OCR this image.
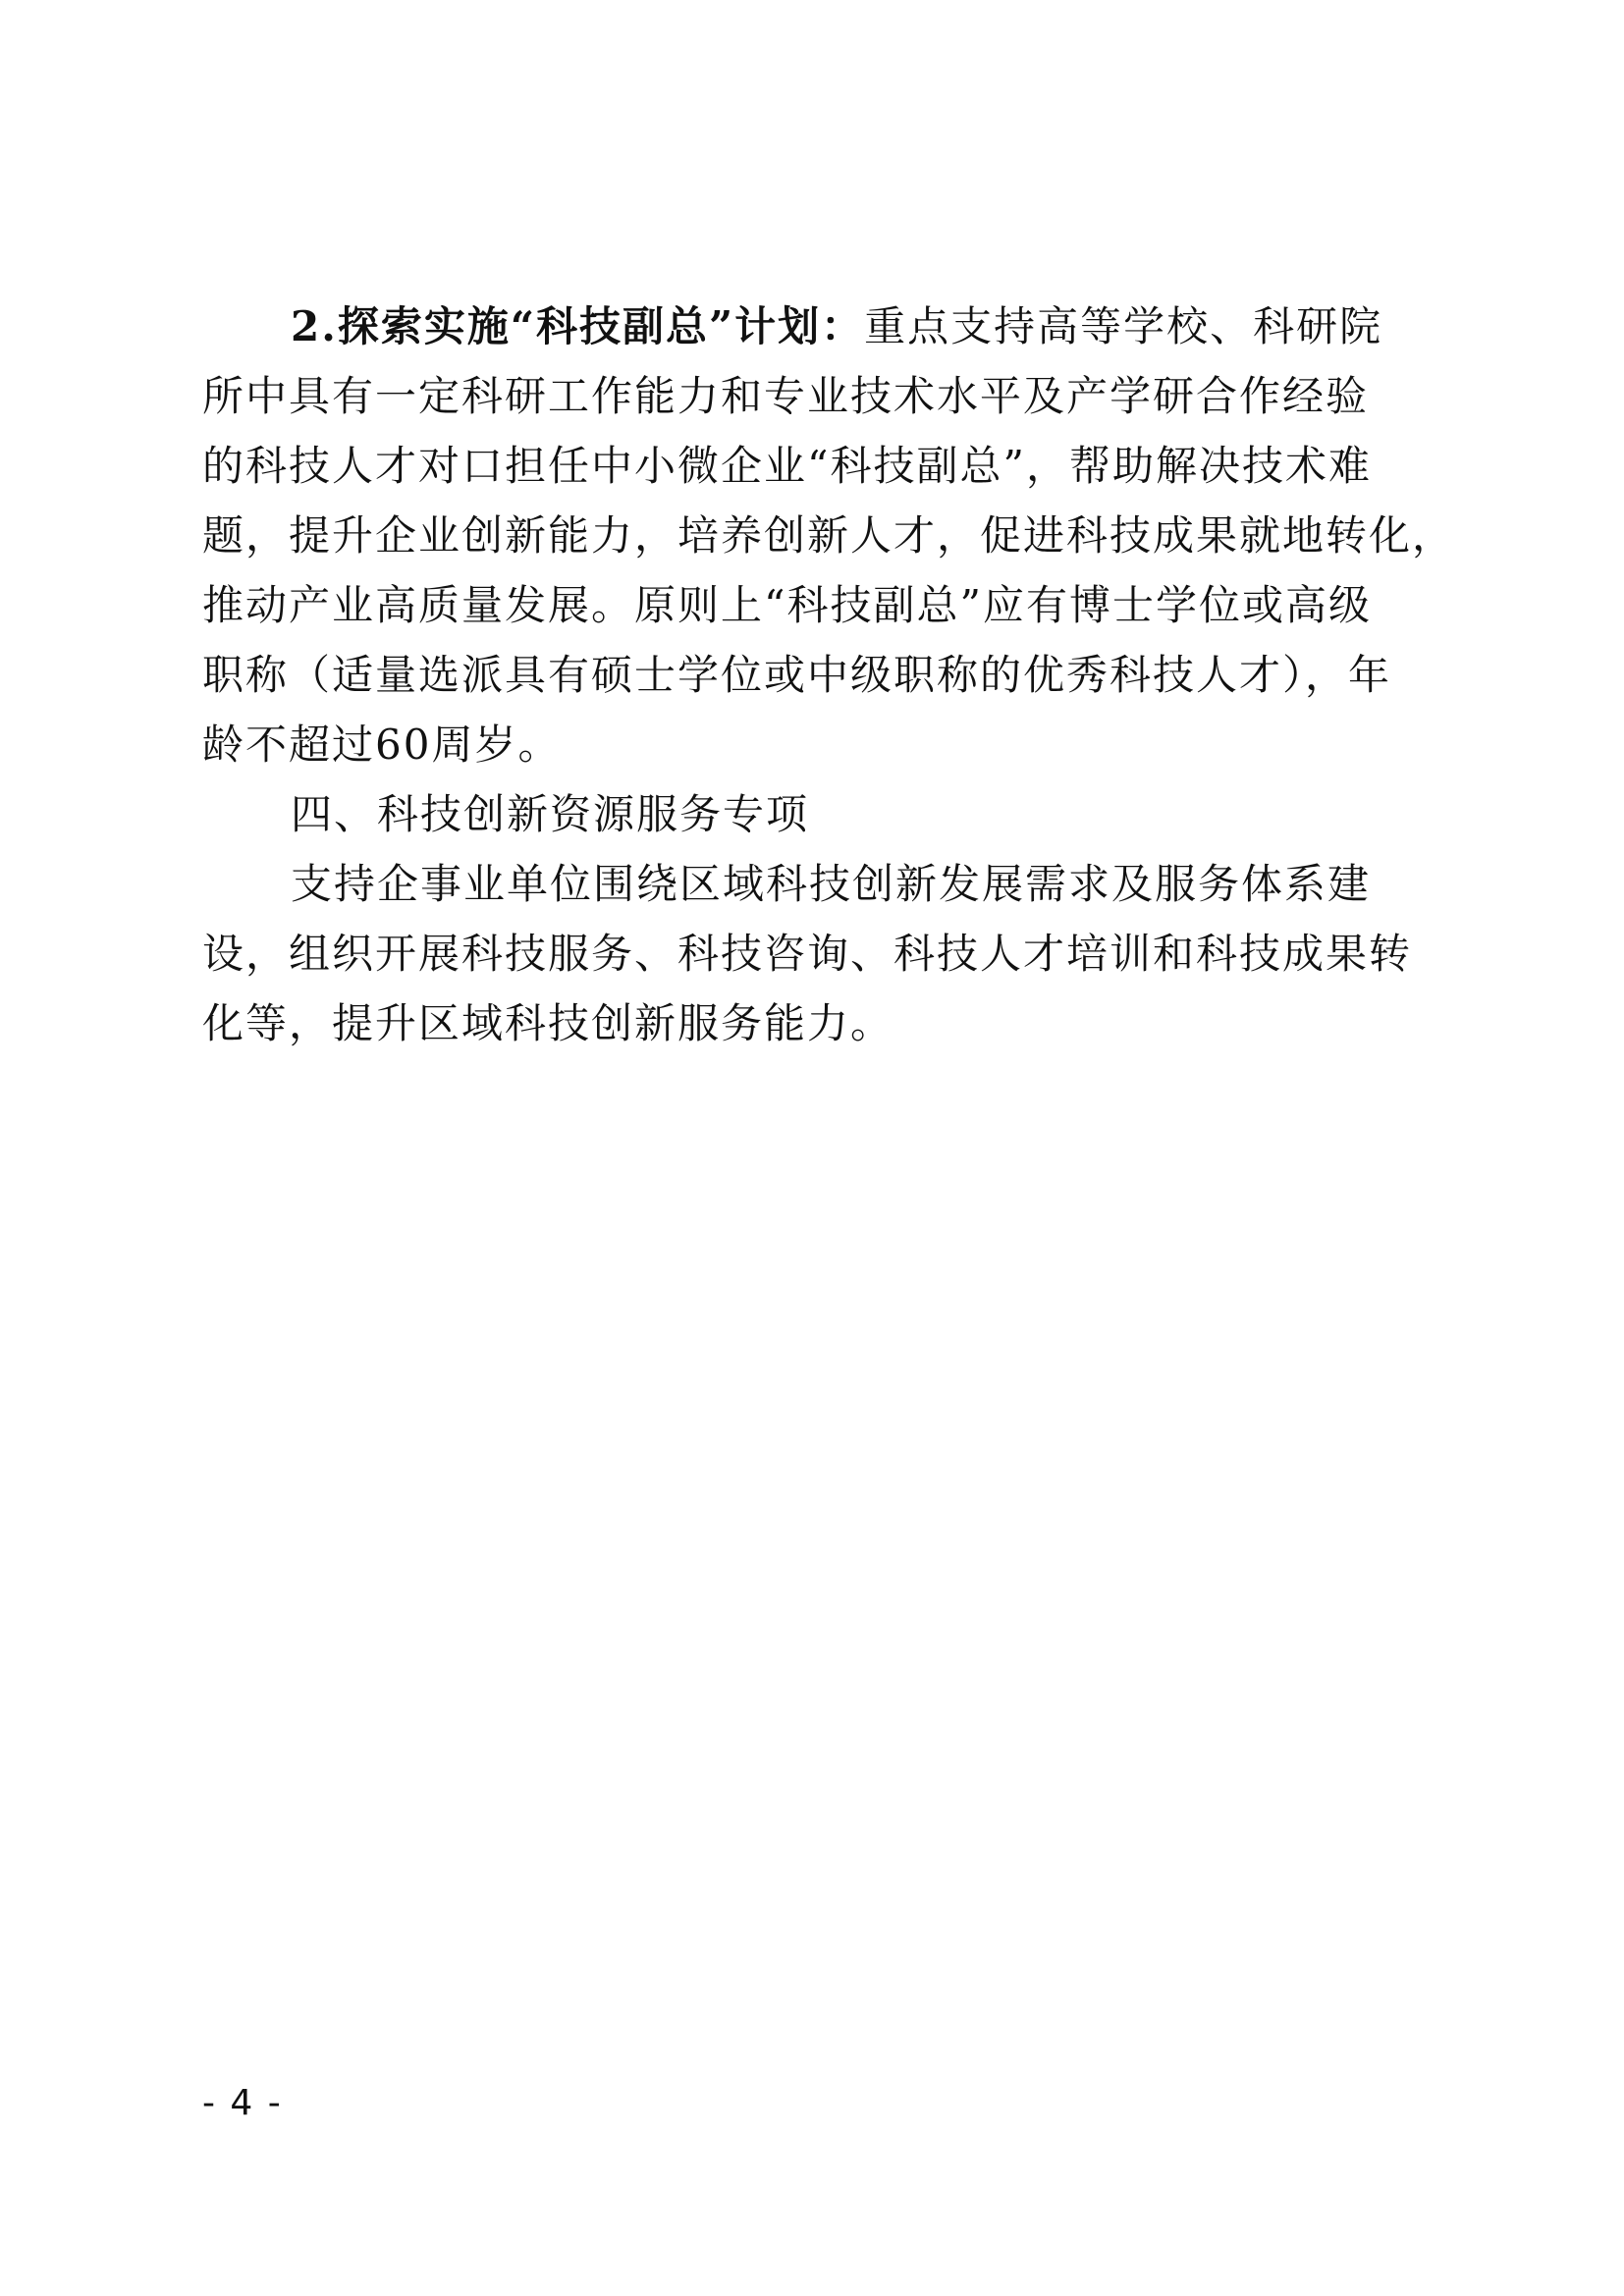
2.探索实施“科技副总”计划：重点支持高等学校、科研院
所中具有一定科研工作能力和专业技术水平及产学研合作经验
的科技人才对口担任中小微企业“科技副总”，帮助解决技术难
题，提升企业创新能力，培养创新人才，促进科技成果就地转化，
推动产业高质量发展。原则上“科技副总”应有博士学位或高级
职称（适量选派具有硕士学位或中级职称的优秀科技人才），年
龄不超过60周岁。
四、科技创新资源服务专项
支持企事业单位围绕区域科技创新发展需求及服务体系建
设，组织开展科技服务、科技咨询、科技人才培训和科技成果转
化等，提升区域科技创新服务能力。
- 4 -
